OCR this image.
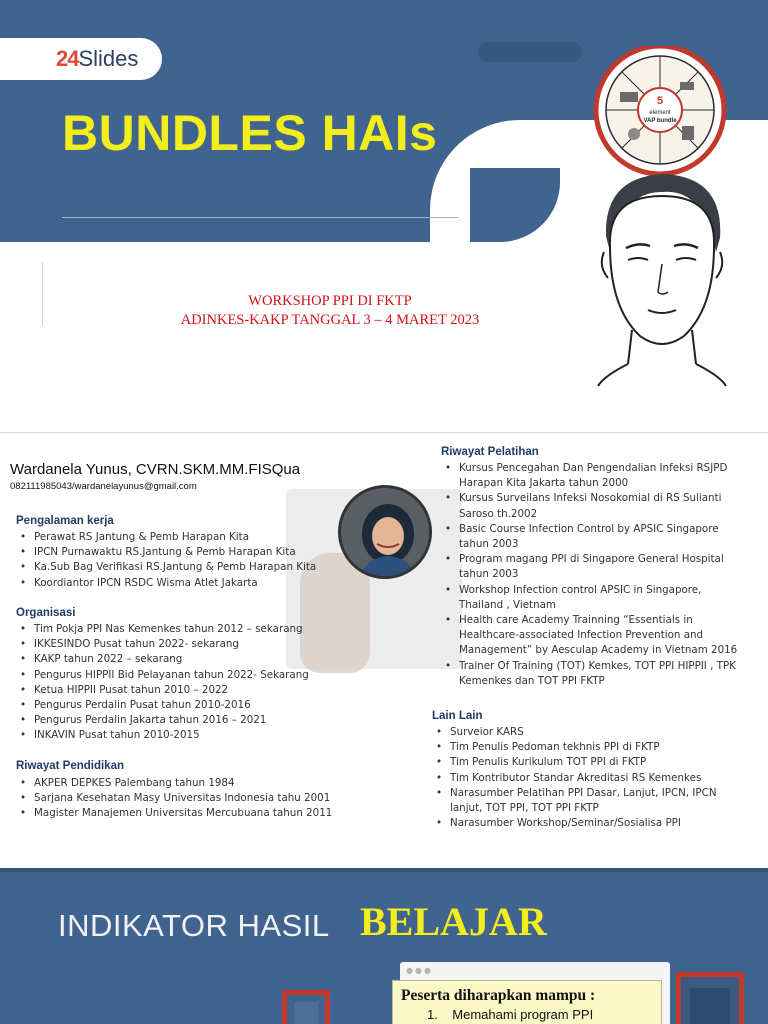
24Slides
BUNDLES HAIs
WORKSHOP PPI DI FKTP
ADINKES-KAKP TANGGAL 3 – 4 MARET 2023
5
element
VAP bundle
Wardanela Yunus, CVRN.SKM.MM.FISQua
082111985043/wardanelayunus@gmail.com
Pengalaman kerja
• Perawat RS Jantung & Pemb Harapan Kita
• IPCN Purnawaktu RS.Jantung & Pemb Harapan Kita
• Ka.Sub Bag Verifikasi RS.Jantung & Pemb Harapan Kita
• Koordiantor IPCN RSDC Wisma Atlet Jakarta
Organisasi
• Tim Pokja PPI Nas Kemenkes tahun 2012 – sekarang
• IKKESINDO Pusat tahun 2022- sekarang
• KAKP tahun 2022 – sekarang
• Pengurus HIPPII Bid Pelayanan tahun 2022- Sekarang
• Ketua HIPPII Pusat tahun 2010 – 2022
• Pengurus Perdalin Pusat tahun 2010-2016
• Pengurus Perdalin Jakarta tahun 2016 – 2021
• INKAVIN Pusat tahun 2010-2015
Riwayat Pendidikan
• AKPER DEPKES Palembang tahun 1984
• Sarjana Kesehatan Masy Universitas Indonesia tahu 2001
• Magister Manajemen Universitas Mercubuana tahun 2011
Riwayat Pelatihan
• Kursus Pencegahan Dan Pengendalian Infeksi RSJPD Harapan Kita Jakarta tahun 2000
• Kursus Surveilans Infeksi Nosokomial di RS Sulianti Saroso th.2002
• Basic Course Infection Control by APSIC Singapore tahun 2003
• Program magang PPI di Singapore General Hospital tahun 2003
• Workshop Infection control APSIC in Singapore, Thailand , Vietnam
• Health care Academy Trainning “Essentials in Healthcare-associated Infection Prevention and Management” by Aesculap Academy in Vietnam 2016
• Trainer Of Training (TOT) Kemkes, TOT PPI HIPPII , TPK Kemenkes dan TOT PPI FKTP
Lain Lain
• Surveior KARS
• Tim Penulis Pedoman tekhnis PPI di FKTP
• Tim Penulis Kurikulum TOT PPI di FKTP
• Tim Kontributor Standar Akreditasi RS Kemenkes
• Narasumber Pelatihan PPI Dasar, Lanjut, IPCN, IPCN lanjut, TOT PPI, TOT PPI FKTP
• Narasumber Workshop/Seminar/Sosialisa PPI
INDIKATOR HASIL BELAJAR
●●●
Peserta diharapkan mampu :
1. Memahami program PPI
